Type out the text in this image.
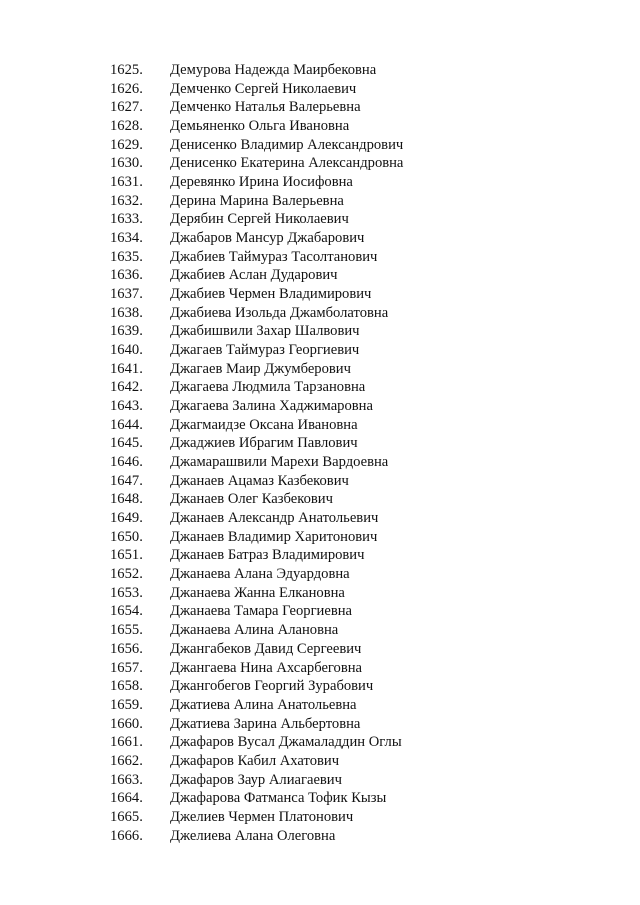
1625.	Демурова Надежда Маирбековна
1626.	Демченко Сергей Николаевич
1627.	Демченко Наталья Валерьевна
1628.	Демьяненко Ольга Ивановна
1629.	Денисенко Владимир Александрович
1630.	Денисенко Екатерина Александровна
1631.	Деревянко Ирина Иосифовна
1632.	Дерина Марина Валерьевна
1633.	Дерябин Сергей Николаевич
1634.	Джабаров Мансур Джабарович
1635.	Джабиев Таймураз Тасолтанович
1636.	Джабиев Аслан Дударович
1637.	Джабиев Чермен Владимирович
1638.	Джабиева Изольда Джамболатовна
1639.	Джабишвили Захар Шалвович
1640.	Джагаев Таймураз Георгиевич
1641.	Джагаев Маир Джумберович
1642.	Джагаева Людмила Тарзановна
1643.	Джагаева Залина Хаджимаровна
1644.	Джагмаидзе Оксана Ивановна
1645.	Джаджиев Ибрагим Павлович
1646.	Джамарашвили Марехи Вардоевна
1647.	Джанаев Ацамаз Казбекович
1648.	Джанаев Олег Казбекович
1649.	Джанаев Александр Анатольевич
1650.	Джанаев Владимир Харитонович
1651.	Джанаев Батраз Владимирович
1652.	Джанаева Алана Эдуардовна
1653.	Джанаева Жанна Елкановна
1654.	Джанаева Тамара Георгиевна
1655.	Джанаева Алина Алановна
1656.	Джангабеков Давид Сергеевич
1657.	Джангаева Нина Ахсарбеговна
1658.	Джангобегов Георгий Зурабович
1659.	Джатиева Алина Анатольевна
1660.	Джатиева Зарина Альбертовна
1661.	Джафаров Вусал Джамаладдин Оглы
1662.	Джафаров Кабил Ахатович
1663.	Джафаров Заур Алиагаевич
1664.	Джафарова Фатманса Тофик Кызы
1665.	Джелиев Чермен Платонович
1666.	Джелиева Алана Олеговна
